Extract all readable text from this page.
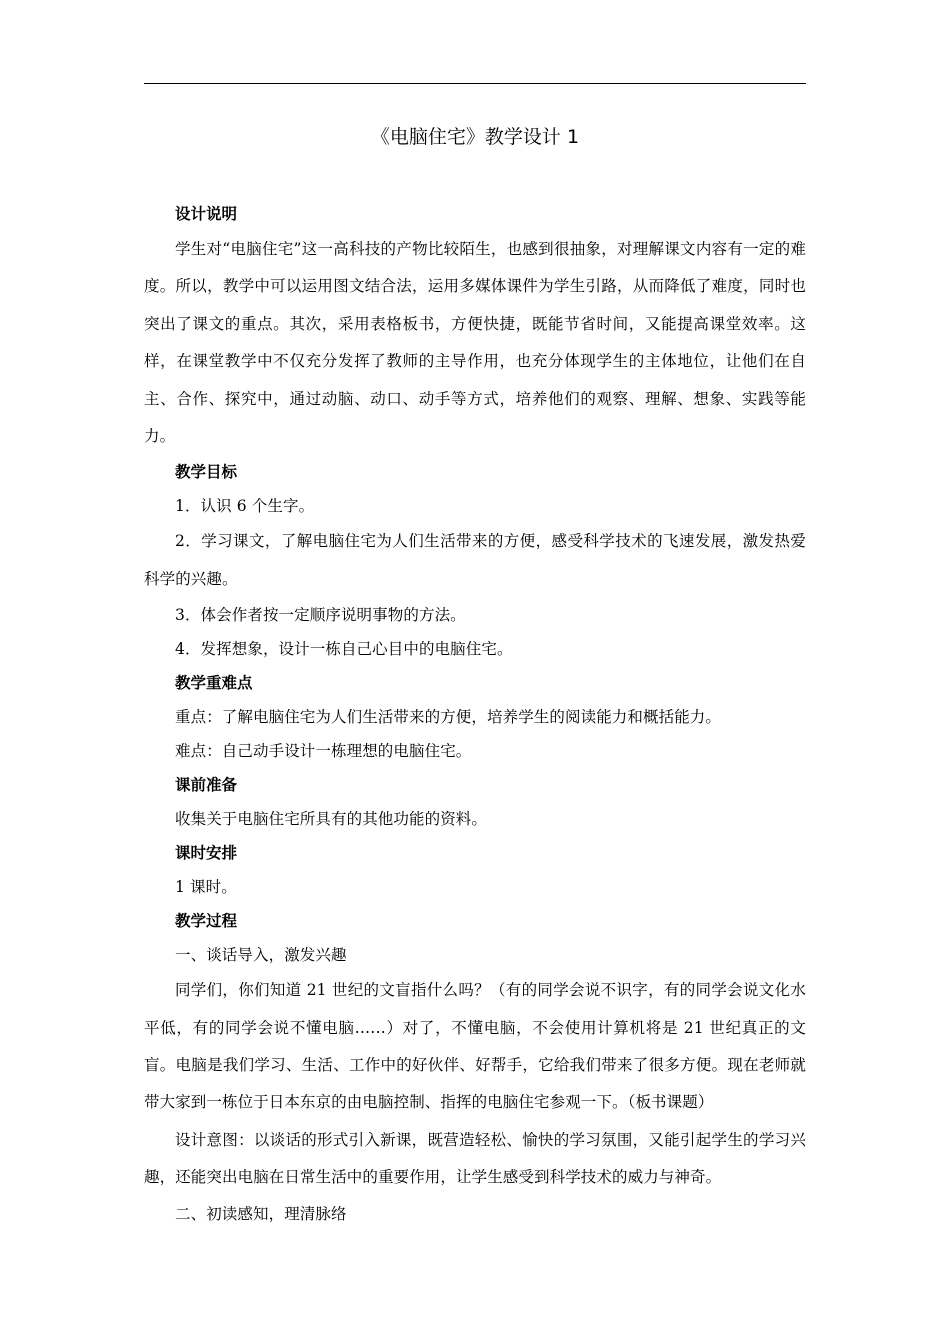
《电脑住宅》教学设计 1

设计说明

学生对“电脑住宅”这一高科技的产物比较陌生，也感到很抽象，对理解课文内容有一定的难度。所以，教学中可以运用图文结合法，运用多媒体课件为学生引路，从而降低了难度，同时也突出了课文的重点。其次，采用表格板书，方便快捷，既能节省时间，又能提高课堂效率。这样，在课堂教学中不仅充分发挥了教师的主导作用，也充分体现学生的主体地位，让他们在自主、合作、探究中，通过动脑、动口、动手等方式，培养他们的观察、理解、想象、实践等能力。

教学目标

1．认识 6 个生字。

2．学习课文，了解电脑住宅为人们生活带来的方便，感受科学技术的飞速发展，激发热爱科学的兴趣。

3．体会作者按一定顺序说明事物的方法。

4．发挥想象，设计一栋自己心目中的电脑住宅。

教学重难点

重点：了解电脑住宅为人们生活带来的方便，培养学生的阅读能力和概括能力。

难点：自己动手设计一栋理想的电脑住宅。

课前准备

收集关于电脑住宅所具有的其他功能的资料。

课时安排

1 课时。

教学过程

一、谈话导入，激发兴趣

同学们，你们知道 21 世纪的文盲指什么吗？（有的同学会说不识字，有的同学会说文化水平低，有的同学会说不懂电脑……）对了，不懂电脑，不会使用计算机将是 21 世纪真正的文盲。电脑是我们学习、生活、工作中的好伙伴、好帮手，它给我们带来了很多方便。现在老师就带大家到一栋位于日本东京的由电脑控制、指挥的电脑住宅参观一下。（板书课题）

设计意图：以谈话的形式引入新课，既营造轻松、愉快的学习氛围，又能引起学生的学习兴趣，还能突出电脑在日常生活中的重要作用，让学生感受到科学技术的威力与神奇。

二、初读感知，理清脉络
